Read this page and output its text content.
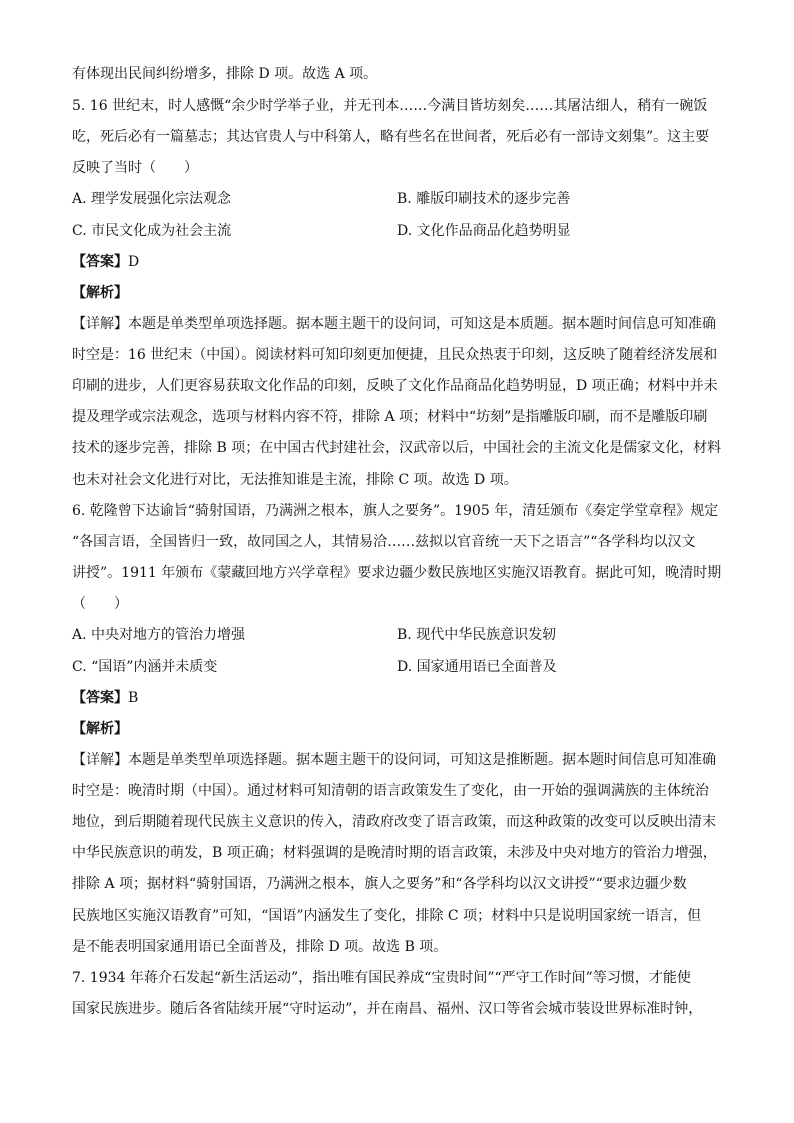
有体现出民间纠纷增多，排除 D 项。故选 A 项。
5. 16 世纪末，时人感慨“余少时学举子业，并无刊本……今满目皆坊刻矣……其屠沽细人，稍有一碗饭
吃，死后必有一篇墓志；其达官贵人与中科第人，略有些名在世间者，死后必有一部诗文刻集”。这主要
反映了当时（　　）
A. 理学发展强化宗法观念	B. 雕版印刷技术的逐步完善
C. 市民文化成为社会主流	D. 文化作品商品化趋势明显
【答案】D
【解析】
【详解】本题是单类型单项选择题。据本题主题干的设问词，可知这是本质题。据本题时间信息可知准确
时空是：16 世纪末（中国）。阅读材料可知印刻更加便捷，且民众热衷于印刻，这反映了随着经济发展和
印刷的进步，人们更容易获取文化作品的印刻，反映了文化作品商品化趋势明显，D 项正确；材料中并未
提及理学或宗法观念，选项与材料内容不符，排除 A 项；材料中“坊刻”是指雕版印刷，而不是雕版印刷
技术的逐步完善，排除 B 项；在中国古代封建社会，汉武帝以后，中国社会的主流文化是儒家文化，材料
也未对社会文化进行对比，无法推知谁是主流，排除 C 项。故选 D 项。
6. 乾隆曾下达谕旨“骑射国语，乃满洲之根本，旗人之要务”。1905 年，清廷颁布《奏定学堂章程》规定
“各国言语，全国皆归一致，故同国之人，其情易洽……兹拟以官音统一天下之语言”“各学科均以汉文
讲授”。1911 年颁布《蒙藏回地方兴学章程》要求边疆少数民族地区实施汉语教育。据此可知，晚清时期
（　　）
A. 中央对地方的管治力增强	B. 现代中华民族意识发轫
C. “国语”内涵并未质变	D. 国家通用语已全面普及
【答案】B
【解析】
【详解】本题是单类型单项选择题。据本题主题干的设问词，可知这是推断题。据本题时间信息可知准确
时空是：晚清时期（中国）。通过材料可知清朝的语言政策发生了变化，由一开始的强调满族的主体统治
地位，到后期随着现代民族主义意识的传入，清政府改变了语言政策，而这种政策的改变可以反映出清末
中华民族意识的萌发，B 项正确；材料强调的是晚清时期的语言政策，未涉及中央对地方的管治力增强，
排除 A 项；据材料“骑射国语，乃满洲之根本，旗人之要务”和“各学科均以汉文讲授”“要求边疆少数
民族地区实施汉语教育”可知，“国语”内涵发生了变化，排除 C 项；材料中只是说明国家统一语言，但
是不能表明国家通用语已全面普及，排除 D 项。故选 B 项。
7. 1934 年蒋介石发起“新生活运动”，指出唯有国民养成“宝贵时间”“严守工作时间”等习惯，才能使
国家民族进步。随后各省陆续开展“守时运动”，并在南昌、福州、汉口等省会城市装设世界标准时钟，
